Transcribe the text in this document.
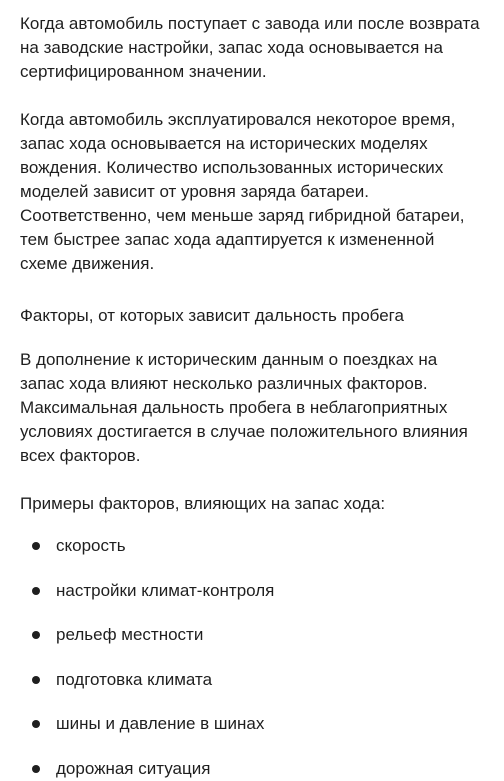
Когда автомобиль поступает с завода или после возврата на заводские настройки, запас хода основывается на сертифицированном значении.

Когда автомобиль эксплуатировался некоторое время, запас хода основывается на исторических моделях вождения. Количество использованных исторических моделей зависит от уровня заряда батареи. Соответственно, чем меньше заряд гибридной батареи, тем быстрее запас хода адаптируется к измененной схеме движения.

Факторы, от которых зависит дальность пробега

В дополнение к историческим данным о поездках на запас хода влияют несколько различных факторов. Максимальная дальность пробега в неблагоприятных условиях достигается в случае положительного влияния всех факторов.

Примеры факторов, влияющих на запас хода:

скорость
настройки климат-контроля
рельеф местности
подготовка климата
шины и давление в шинах
дорожная ситуация
